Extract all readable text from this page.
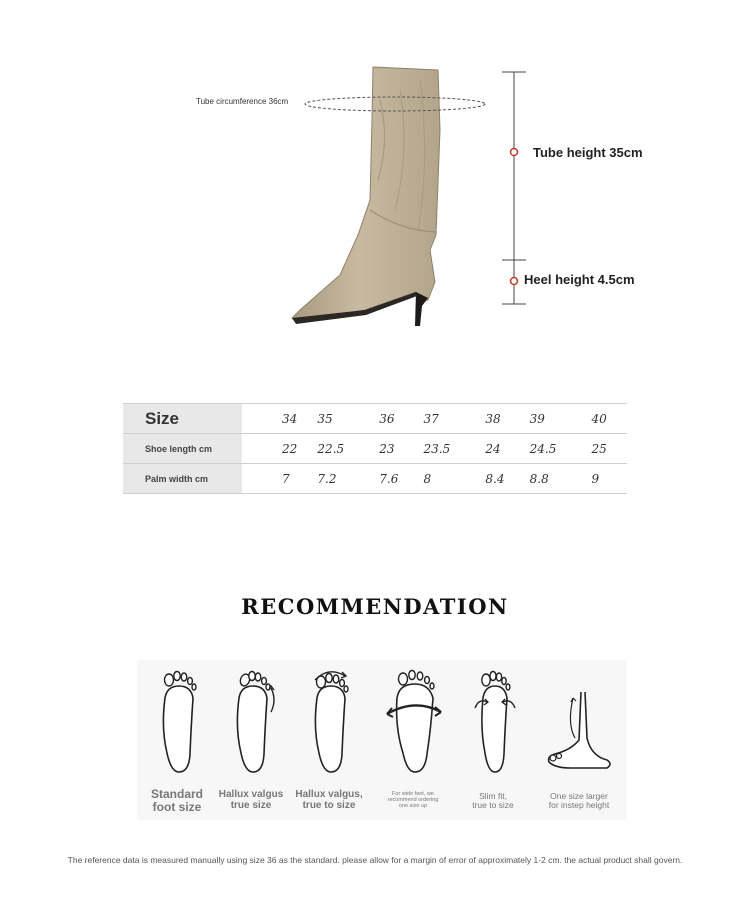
Tube circumference 36cm
Tube height 35cm
Heel height 4.5cm
Size		34	35	36	37	38	39	40
Shoe length cm		22	22.5	23	23.5	24	24.5	25
Palm width cm		7	7.2	7.6	8	8.4	8.8	9
RECOMMENDATION
Standard
foot size
Hallux valgus
true size
Hallux valgus,
true to size
For wide feet, we
recommend ordering
one size up
Slim fit,
true to size
One size larger
for instep height
The reference data is measured manually using size 36 as the standard. please allow for a margin of error of approximately 1-2 cm. the actual product shall govern.
